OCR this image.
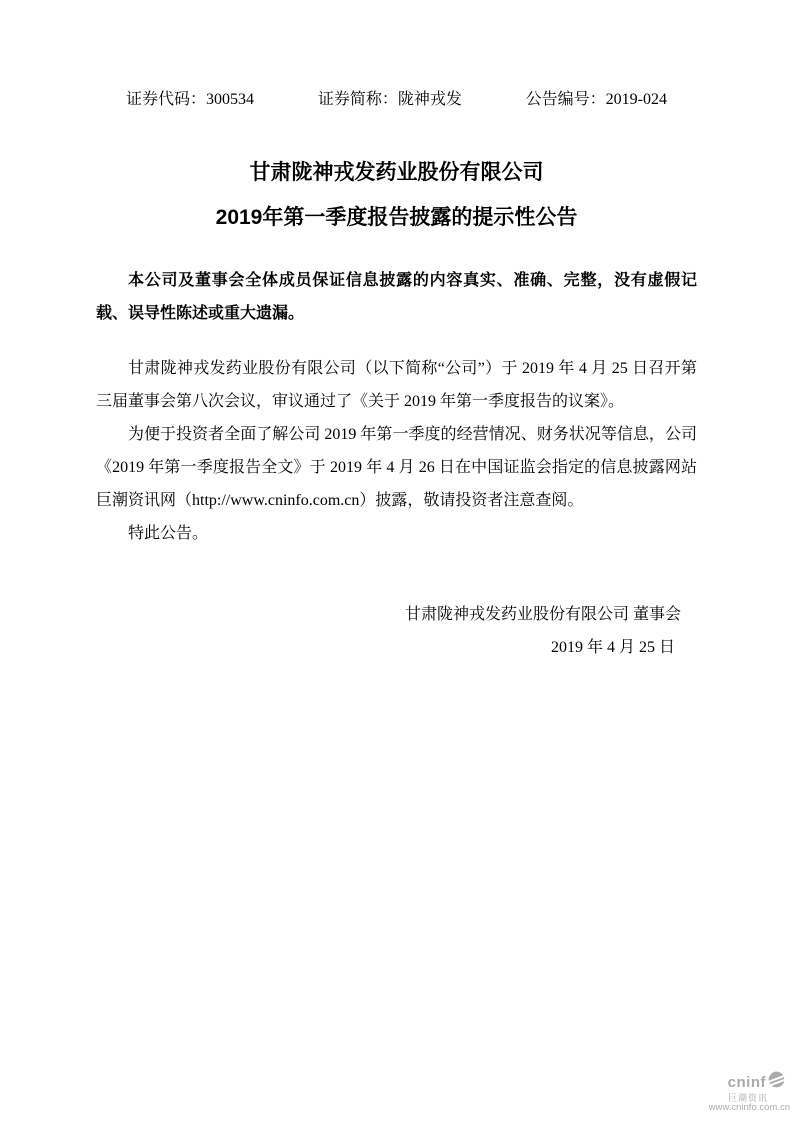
证券代码：300534	证券简称：陇神戎发	公告编号：2019-024
甘肃陇神戎发药业股份有限公司
2019年第一季度报告披露的提示性公告

本公司及董事会全体成员保证信息披露的内容真实、准确、完整，没有虚假记载、误导性陈述或重大遗漏。

甘肃陇神戎发药业股份有限公司（以下简称“公司”）于 2019 年 4 月 25 日召开第三届董事会第八次会议，审议通过了《关于 2019 年第一季度报告的议案》。

为便于投资者全面了解公司 2019 年第一季度的经营情况、财务状况等信息，公司《2019 年第一季度报告全文》于 2019 年 4 月 26 日在中国证监会指定的信息披露网站巨潮资讯网（http://www.cninfo.com.cn）披露，敬请投资者注意查阅。

特此公告。

甘肃陇神戎发药业股份有限公司 董事会
2019 年 4 月 25 日
cninf
巨潮资讯
www.cninfo.com.cn
